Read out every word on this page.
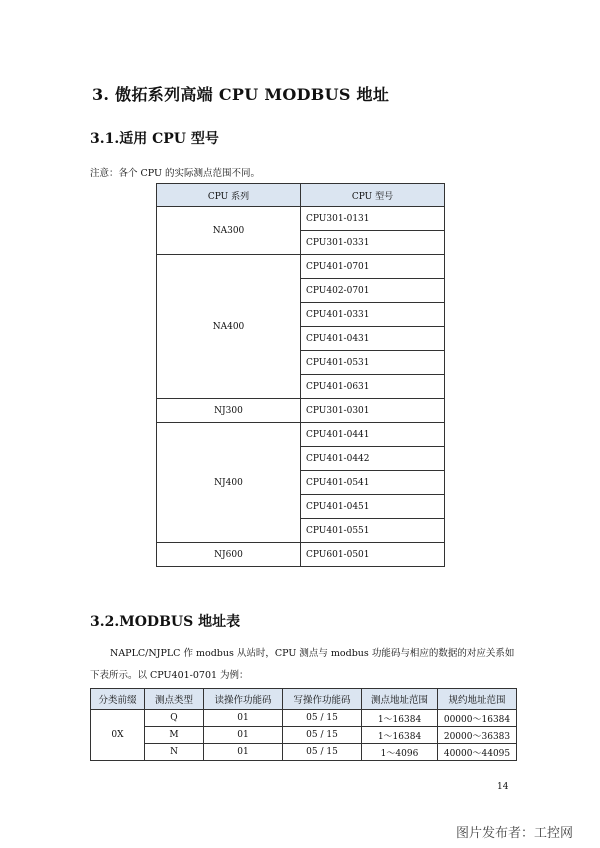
3. 傲拓系列高端 CPU MODBUS 地址
3.1.适用 CPU 型号
注意：各个 CPU 的实际测点范围不同。
CPU 系列	CPU 型号
NA300	CPU301-0131
	CPU301-0331
NA400	CPU401-0701
	CPU402-0701
	CPU401-0331
	CPU401-0431
	CPU401-0531
	CPU401-0631
NJ300	CPU301-0301
NJ400	CPU401-0441
	CPU401-0442
	CPU401-0541
	CPU401-0451
	CPU401-0551
NJ600	CPU601-0501
3.2.MODBUS 地址表
NAPLC/NJPLC 作 modbus 从站时，CPU 测点与 modbus 功能码与相应的数据的对应关系如
下表所示。以 CPU401-0701 为例：
分类前缀	测点类型	读操作功能码	写操作功能码	测点地址范围	规约地址范围
0X	Q	01	05 / 15	1～16384	00000～16384
	M	01	05 / 15	1～16384	20000～36383
	N	01	05 / 15	1～4096	40000～44095
14
图片发布者：工控网
